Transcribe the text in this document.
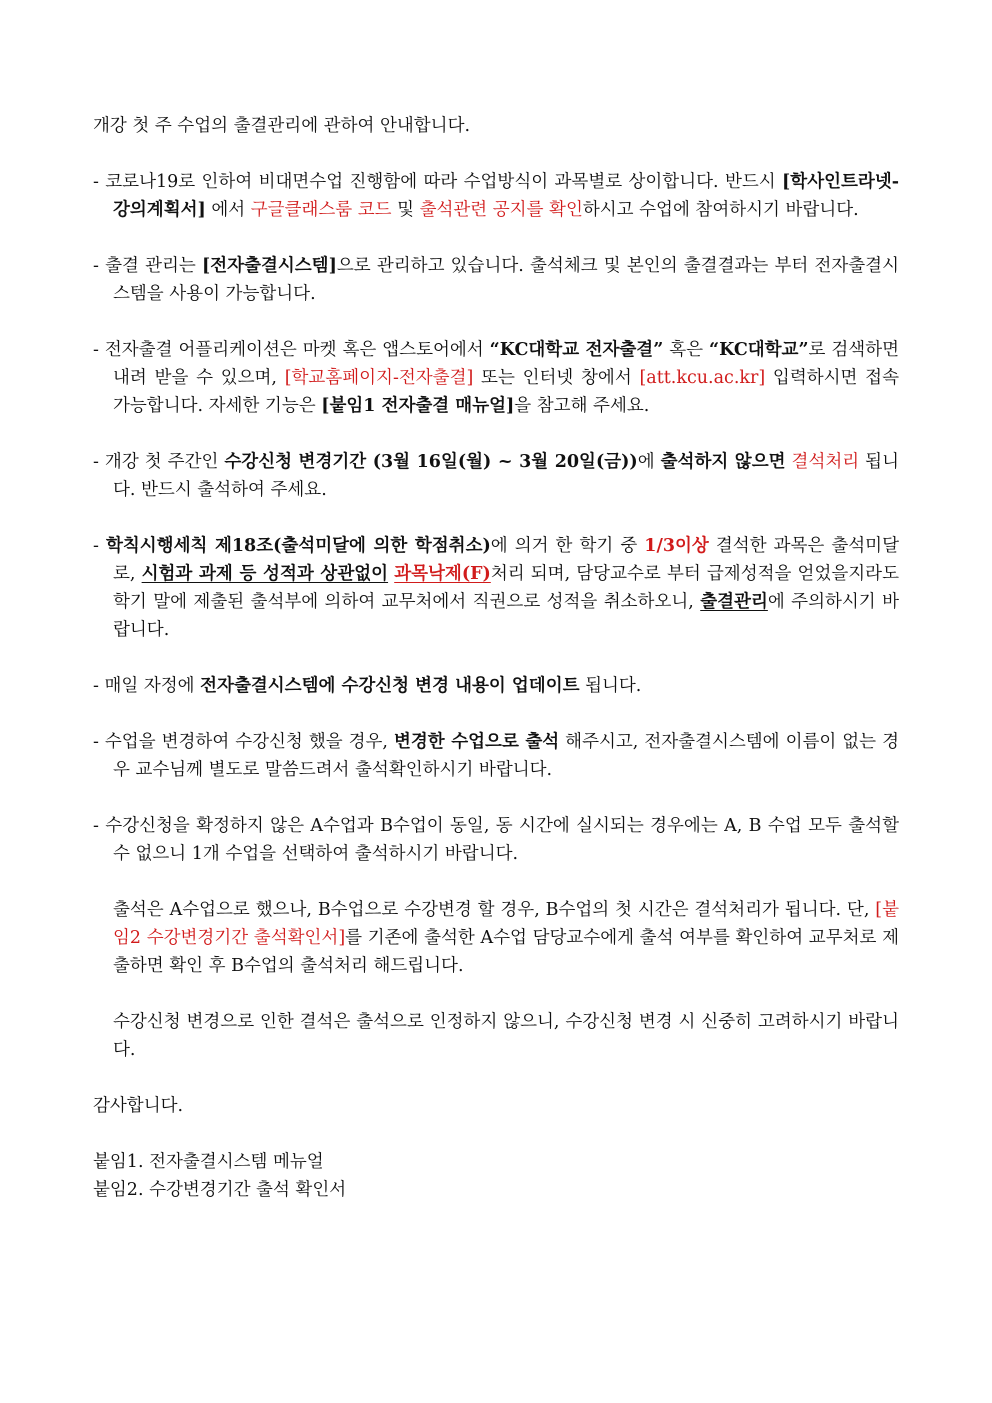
개강 첫 주 수업의 출결관리에 관하여 안내합니다.

- 코로나19로 인하여 비대면수업 진행함에 따라 수업방식이 과목별로 상이합니다. 반드시 [학사인트라넷-강의계획서] 에서 구글클래스룸 코드 및 출석관련 공지를 확인하시고 수업에 참여하시기 바랍니다.

- 출결 관리는 [전자출결시스템]으로 관리하고 있습니다. 출석체크 및 본인의 출결결과는 부터 전자출결시스템을 사용이 가능합니다.

- 전자출결 어플리케이션은 마켓 혹은 앱스토어에서 “KC대학교 전자출결” 혹은 “KC대학교”로 검색하면 내려 받을 수 있으며, [학교홈페이지-전자출결] 또는 인터넷 창에서 [att.kcu.ac.kr] 입력하시면 접속 가능합니다. 자세한 기능은 [붙임1 전자출결 매뉴얼]을 참고해 주세요.

- 개강 첫 주간인 수강신청 변경기간 (3월 16일(월) ~ 3월 20일(금))에 출석하지 않으면 결석처리 됩니다. 반드시 출석하여 주세요.

- 학칙시행세칙 제18조(출석미달에 의한 학점취소)에 의거 한 학기 중 1/3이상 결석한 과목은 출석미달로, 시험과 과제 등 성적과 상관없이 과목낙제(F)처리 되며, 담당교수로 부터 급제성적을 얻었을지라도 학기 말에 제출된 출석부에 의하여 교무처에서 직권으로 성적을 취소하오니, 출결관리에 주의하시기 바랍니다.

- 매일 자정에 전자출결시스템에 수강신청 변경 내용이 업데이트 됩니다.

- 수업을 변경하여 수강신청 했을 경우, 변경한 수업으로 출석 해주시고, 전자출결시스템에 이름이 없는 경우 교수님께 별도로 말씀드려서 출석확인하시기 바랍니다.

- 수강신청을 확정하지 않은 A수업과 B수업이 동일, 동 시간에 실시되는 경우에는 A, B 수업 모두 출석할 수 없으니 1개 수업을 선택하여 출석하시기 바랍니다.

출석은 A수업으로 했으나, B수업으로 수강변경 할 경우, B수업의 첫 시간은 결석처리가 됩니다. 단, [붙임2 수강변경기간 출석확인서]를 기존에 출석한 A수업 담당교수에게 출석 여부를 확인하여 교무처로 제출하면 확인 후 B수업의 출석처리 해드립니다.

수강신청 변경으로 인한 결석은 출석으로 인정하지 않으니, 수강신청 변경 시 신중히 고려하시기 바랍니다.

감사합니다.

붙임1. 전자출결시스템 메뉴얼

붙임2. 수강변경기간 출석 확인서
